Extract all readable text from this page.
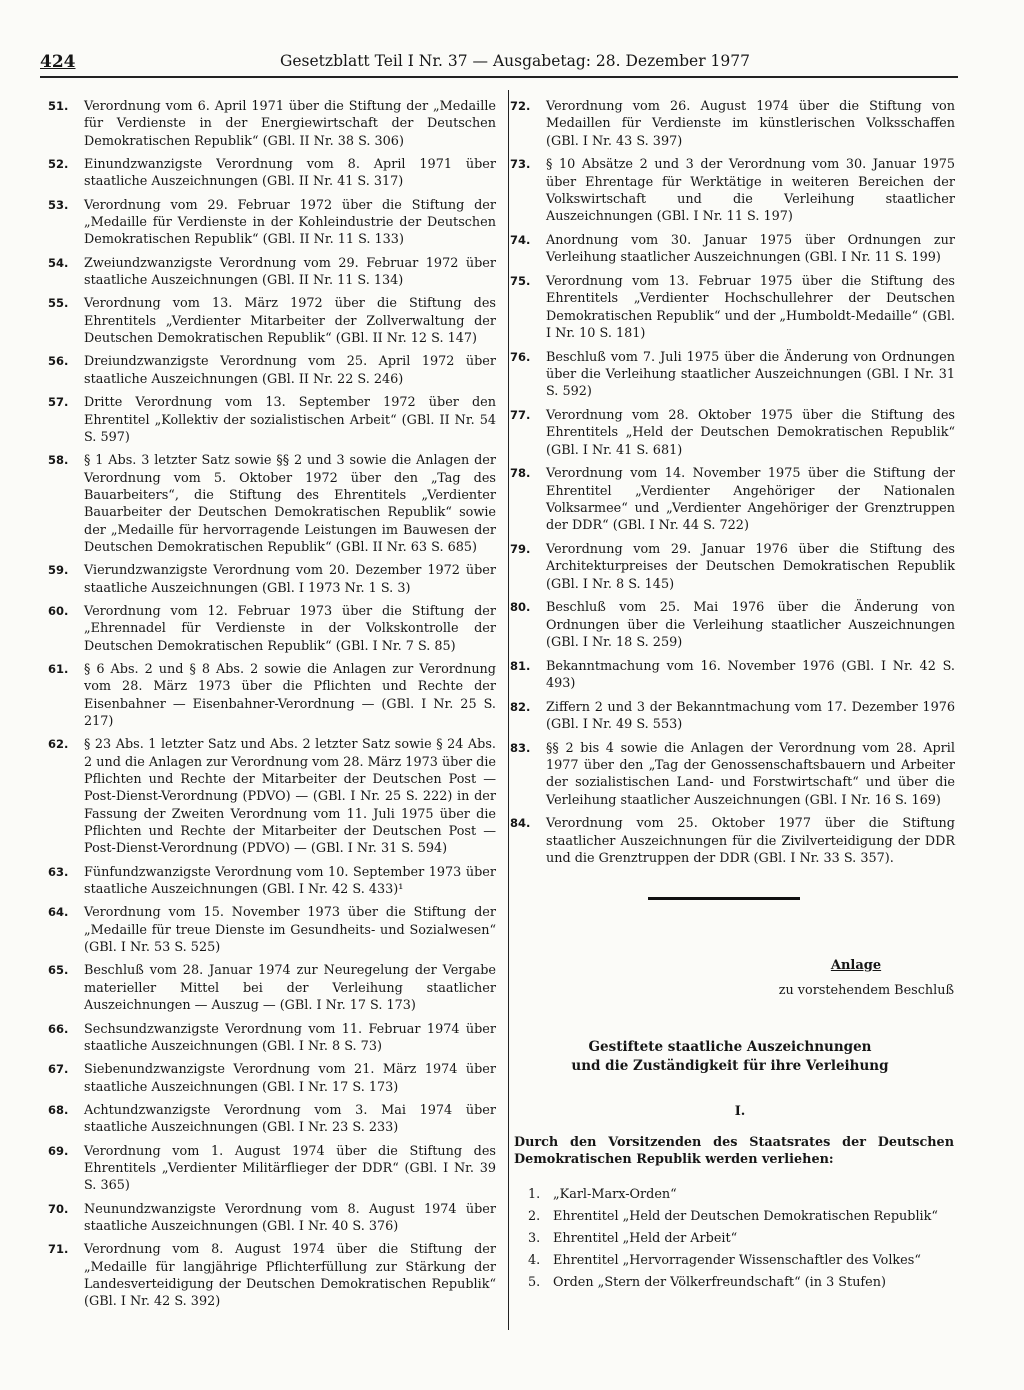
424	Gesetzblatt Teil I Nr. 37 — Ausgabetag: 28. Dezember 1977
51.	Verordnung vom 6. April 1971 über die Stiftung der „Medaille für Verdienste in der Energiewirtschaft der Deutschen Demokratischen Republik“ (GBl. II Nr. 38 S. 306)
52.	Einundzwanzigste Verordnung vom 8. April 1971 über staatliche Auszeichnungen (GBl. II Nr. 41 S. 317)
53.	Verordnung vom 29. Februar 1972 über die Stiftung der „Medaille für Verdienste in der Kohleindustrie der Deutschen Demokratischen Republik“ (GBl. II Nr. 11 S. 133)
54.	Zweiundzwanzigste Verordnung vom 29. Februar 1972 über staatliche Auszeichnungen (GBl. II Nr. 11 S. 134)
55.	Verordnung vom 13. März 1972 über die Stiftung des Ehrentitels „Verdienter Mitarbeiter der Zollverwaltung der Deutschen Demokratischen Republik“ (GBl. II Nr. 12 S. 147)
56.	Dreiundzwanzigste Verordnung vom 25. April 1972 über staatliche Auszeichnungen (GBl. II Nr. 22 S. 246)
57.	Dritte Verordnung vom 13. September 1972 über den Ehrentitel „Kollektiv der sozialistischen Arbeit“ (GBl. II Nr. 54 S. 597)
58.	§ 1 Abs. 3 letzter Satz sowie §§ 2 und 3 sowie die Anlagen der Verordnung vom 5. Oktober 1972 über den „Tag des Bauarbeiters“, die Stiftung des Ehrentitels „Verdienter Bauarbeiter der Deutschen Demokratischen Republik“ sowie der „Medaille für hervorragende Leistungen im Bauwesen der Deutschen Demokratischen Republik“ (GBl. II Nr. 63 S. 685)
59.	Vierundzwanzigste Verordnung vom 20. Dezember 1972 über staatliche Auszeichnungen (GBl. I 1973 Nr. 1 S. 3)
60.	Verordnung vom 12. Februar 1973 über die Stiftung der „Ehrennadel für Verdienste in der Volkskontrolle der Deutschen Demokratischen Republik“ (GBl. I Nr. 7 S. 85)
61.	§ 6 Abs. 2 und § 8 Abs. 2 sowie die Anlagen zur Verordnung vom 28. März 1973 über die Pflichten und Rechte der Eisenbahner — Eisenbahner-Verordnung — (GBl. I Nr. 25 S. 217)
62.	§ 23 Abs. 1 letzter Satz und Abs. 2 letzter Satz sowie § 24 Abs. 2 und die Anlagen zur Verordnung vom 28. März 1973 über die Pflichten und Rechte der Mitarbeiter der Deutschen Post — Post-Dienst-Verordnung (PDVO) — (GBl. I Nr. 25 S. 222) in der Fassung der Zweiten Verordnung vom 11. Juli 1975 über die Pflichten und Rechte der Mitarbeiter der Deutschen Post — Post-Dienst-Verordnung (PDVO) — (GBl. I Nr. 31 S. 594)
63.	Fünfundzwanzigste Verordnung vom 10. September 1973 über staatliche Auszeichnungen (GBl. I Nr. 42 S. 433)¹
64.	Verordnung vom 15. November 1973 über die Stiftung der „Medaille für treue Dienste im Gesundheits- und Sozialwesen“ (GBl. I Nr. 53 S. 525)
65.	Beschluß vom 28. Januar 1974 zur Neuregelung der Vergabe materieller Mittel bei der Verleihung staatlicher Auszeichnungen — Auszug — (GBl. I Nr. 17 S. 173)
66.	Sechsundzwanzigste Verordnung vom 11. Februar 1974 über staatliche Auszeichnungen (GBl. I Nr. 8 S. 73)
67.	Siebenundzwanzigste Verordnung vom 21. März 1974 über staatliche Auszeichnungen (GBl. I Nr. 17 S. 173)
68.	Achtundzwanzigste Verordnung vom 3. Mai 1974 über staatliche Auszeichnungen (GBl. I Nr. 23 S. 233)
69.	Verordnung vom 1. August 1974 über die Stiftung des Ehrentitels „Verdienter Militärflieger der DDR“ (GBl. I Nr. 39 S. 365)
70.	Neunundzwanzigste Verordnung vom 8. August 1974 über staatliche Auszeichnungen (GBl. I Nr. 40 S. 376)
71.	Verordnung vom 8. August 1974 über die Stiftung der „Medaille für langjährige Pflichterfüllung zur Stärkung der Landesverteidigung der Deutschen Demokratischen Republik“ (GBl. I Nr. 42 S. 392)
72.	Verordnung vom 26. August 1974 über die Stiftung von Medaillen für Verdienste im künstlerischen Volksschaffen (GBl. I Nr. 43 S. 397)
73.	§ 10 Absätze 2 und 3 der Verordnung vom 30. Januar 1975 über Ehrentage für Werktätige in weiteren Bereichen der Volkswirtschaft und die Verleihung staatlicher Auszeichnungen (GBl. I Nr. 11 S. 197)
74.	Anordnung vom 30. Januar 1975 über Ordnungen zur Verleihung staatlicher Auszeichnungen (GBl. I Nr. 11 S. 199)
75.	Verordnung vom 13. Februar 1975 über die Stiftung des Ehrentitels „Verdienter Hochschullehrer der Deutschen Demokratischen Republik“ und der „Humboldt-Medaille“ (GBl. I Nr. 10 S. 181)
76.	Beschluß vom 7. Juli 1975 über die Änderung von Ordnungen über die Verleihung staatlicher Auszeichnungen (GBl. I Nr. 31 S. 592)
77.	Verordnung vom 28. Oktober 1975 über die Stiftung des Ehrentitels „Held der Deutschen Demokratischen Republik“ (GBl. I Nr. 41 S. 681)
78.	Verordnung vom 14. November 1975 über die Stiftung der Ehrentitel „Verdienter Angehöriger der Nationalen Volksarmee“ und „Verdienter Angehöriger der Grenztruppen der DDR“ (GBl. I Nr. 44 S. 722)
79.	Verordnung vom 29. Januar 1976 über die Stiftung des Architekturpreises der Deutschen Demokratischen Republik (GBl. I Nr. 8 S. 145)
80.	Beschluß vom 25. Mai 1976 über die Änderung von Ordnungen über die Verleihung staatlicher Auszeichnungen (GBl. I Nr. 18 S. 259)
81.	Bekanntmachung vom 16. November 1976 (GBl. I Nr. 42 S. 493)
82.	Ziffern 2 und 3 der Bekanntmachung vom 17. Dezember 1976 (GBl. I Nr. 49 S. 553)
83.	§§ 2 bis 4 sowie die Anlagen der Verordnung vom 28. April 1977 über den „Tag der Genossenschaftsbauern und Arbeiter der sozialistischen Land- und Forstwirtschaft“ und über die Verleihung staatlicher Auszeichnungen (GBl. I Nr. 16 S. 169)
84.	Verordnung vom 25. Oktober 1977 über die Stiftung staatlicher Auszeichnungen für die Zivilverteidigung der DDR und die Grenztruppen der DDR (GBl. I Nr. 33 S. 357).
Anlage
zu vorstehendem Beschluß
Gestiftete staatliche Auszeichnungen
und die Zuständigkeit für ihre Verleihung
I.
Durch den Vorsitzenden des Staatsrates der Deutschen Demokratischen Republik werden verliehen:
1. „Karl-Marx-Orden“
2. Ehrentitel „Held der Deutschen Demokratischen Republik“
3. Ehrentitel „Held der Arbeit“
4. Ehrentitel „Hervorragender Wissenschaftler des Volkes“
5. Orden „Stern der Völkerfreundschaft“ (in 3 Stufen)
